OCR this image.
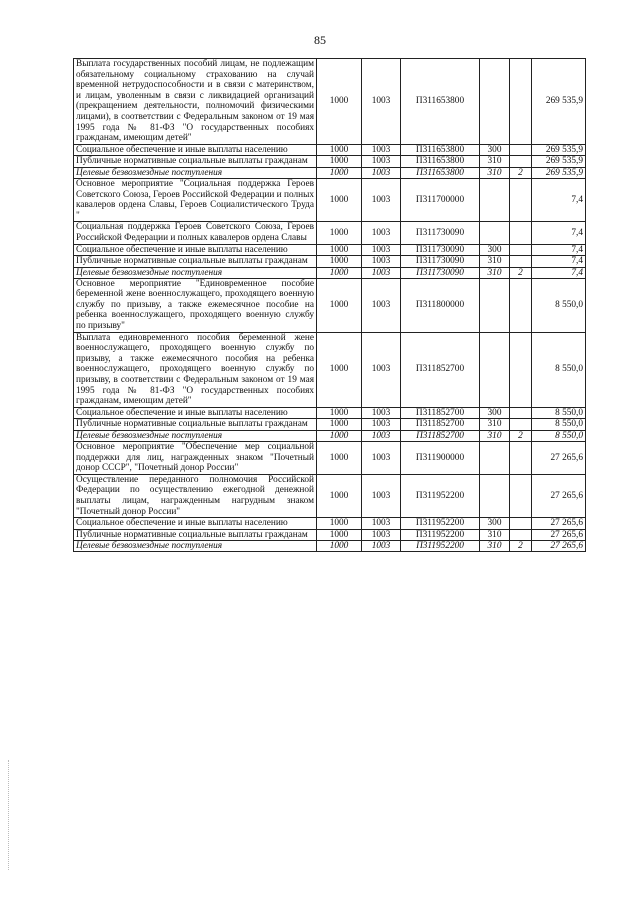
85
Выплата государственных пособий лицам, не подлежащим обязательному социальному страхованию на случай временной нетрудоспособности и в связи с материнством, и лицам, уволенным в связи с ликвидацией организаций (прекращением деятельности, полномочий физическими лицами), в соответствии с Федеральным законом от 19 мая 1995 года № 81-ФЗ "О государственных пособиях гражданам, имеющим детей"	1000	1003	П311653800			269 535,9
Социальное обеспечение и иные выплаты населению	1000	1003	П311653800	300		269 535,9
Публичные нормативные социальные выплаты гражданам	1000	1003	П311653800	310		269 535,9
Целевые безвозмездные поступления	1000	1003	П311653800	310	2	269 535,9
Основное мероприятие "Социальная поддержка Героев Советского Союза, Героев Российской Федерации и полных кавалеров ордена Славы, Героев Социалистического Труда "	1000	1003	П311700000			7,4
Социальная поддержка Героев Советского Союза, Героев Российской Федерации и полных кавалеров ордена Славы	1000	1003	П311730090			7,4
Социальное обеспечение и иные выплаты населению	1000	1003	П311730090	300		7,4
Публичные нормативные социальные выплаты гражданам	1000	1003	П311730090	310		7,4
Целевые безвозмездные поступления	1000	1003	П311730090	310	2	7,4
Основное мероприятие "Единовременное пособие беременной жене военнослужащего, проходящего военную службу по призыву, а также ежемесячное пособие на ребенка военнослужащего, проходящего военную службу по призыву"	1000	1003	П311800000			8 550,0
Выплата единовременного пособия беременной жене военнослужащего, проходящего военную службу по призыву, а также ежемесячного пособия на ребенка военнослужащего, проходящего военную службу по призыву, в соответствии с Федеральным законом от 19 мая 1995 года № 81-ФЗ "О государственных пособиях гражданам, имеющим детей"	1000	1003	П311852700			8 550,0
Социальное обеспечение и иные выплаты населению	1000	1003	П311852700	300		8 550,0
Публичные нормативные социальные выплаты гражданам	1000	1003	П311852700	310		8 550,0
Целевые безвозмездные поступления	1000	1003	П311852700	310	2	8 550,0
Основное мероприятие "Обеспечение мер социальной поддержки для лиц, награжденных знаком "Почетный донор СССР", "Почетный донор России"	1000	1003	П311900000			27 265,6
Осуществление переданного полномочия Российской Федерации по осуществлению ежегодной денежной выплаты лицам, награжденным нагрудным знаком "Почетный донор России"	1000	1003	П311952200			27 265,6
Социальное обеспечение и иные выплаты населению	1000	1003	П311952200	300		27 265,6
Публичные нормативные социальные выплаты гражданам	1000	1003	П311952200	310		27 265,6
Целевые безвозмездные поступления	1000	1003	П311952200	310	2	27 265,6
